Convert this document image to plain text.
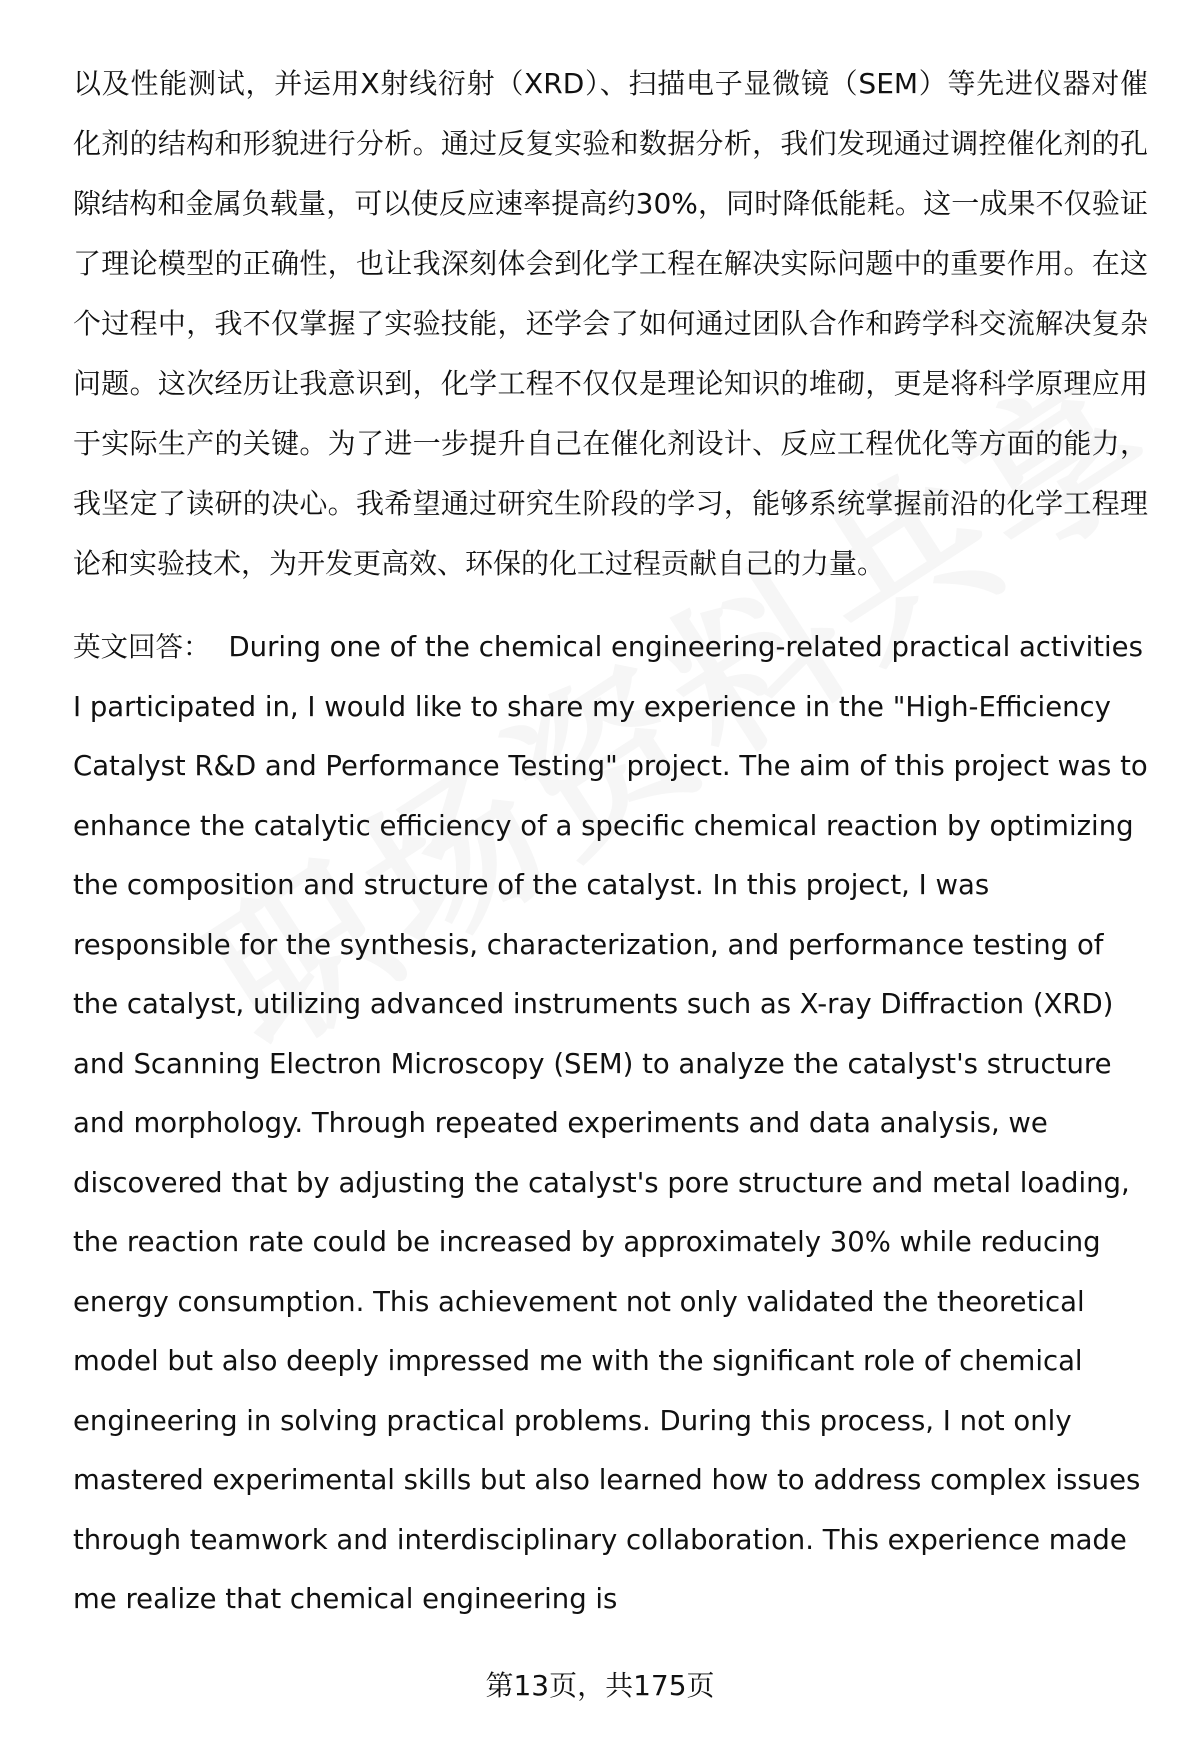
以及性能测试，并运用X射线衍射（XRD）、扫描电子显微镜（SEM）等先进仪器对催化剂的结构和形貌进行分析。通过反复实验和数据分析，我们发现通过调控催化剂的孔隙结构和金属负载量，可以使反应速率提高约30%，同时降低能耗。这一成果不仅验证了理论模型的正确性，也让我深刻体会到化学工程在解决实际问题中的重要作用。在这个过程中，我不仅掌握了实验技能，还学会了如何通过团队合作和跨学科交流解决复杂问题。这次经历让我意识到，化学工程不仅仅是理论知识的堆砌，更是将科学原理应用于实际生产的关键。为了进一步提升自己在催化剂设计、反应工程优化等方面的能力，我坚定了读研的决心。我希望通过研究生阶段的学习，能够系统掌握前沿的化学工程理论和实验技术，为开发更高效、环保的化工过程贡献自己的力量。

英文回答： During one of the chemical engineering-related practical activities I participated in, I would like to share my experience in the "High-Efficiency Catalyst R&D and Performance Testing" project. The aim of this project was to enhance the catalytic efficiency of a specific chemical reaction by optimizing the composition and structure of the catalyst. In this project, I was responsible for the synthesis, characterization, and performance testing of the catalyst, utilizing advanced instruments such as X-ray Diffraction (XRD) and Scanning Electron Microscopy (SEM) to analyze the catalyst's structure and morphology. Through repeated experiments and data analysis, we discovered that by adjusting the catalyst's pore structure and metal loading, the reaction rate could be increased by approximately 30% while reducing energy consumption. This achievement not only validated the theoretical model but also deeply impressed me with the significant role of chemical engineering in solving practical problems. During this process, I not only mastered experimental skills but also learned how to address complex issues through teamwork and interdisciplinary collaboration. This experience made me realize that chemical engineering is

第13页，共175页
